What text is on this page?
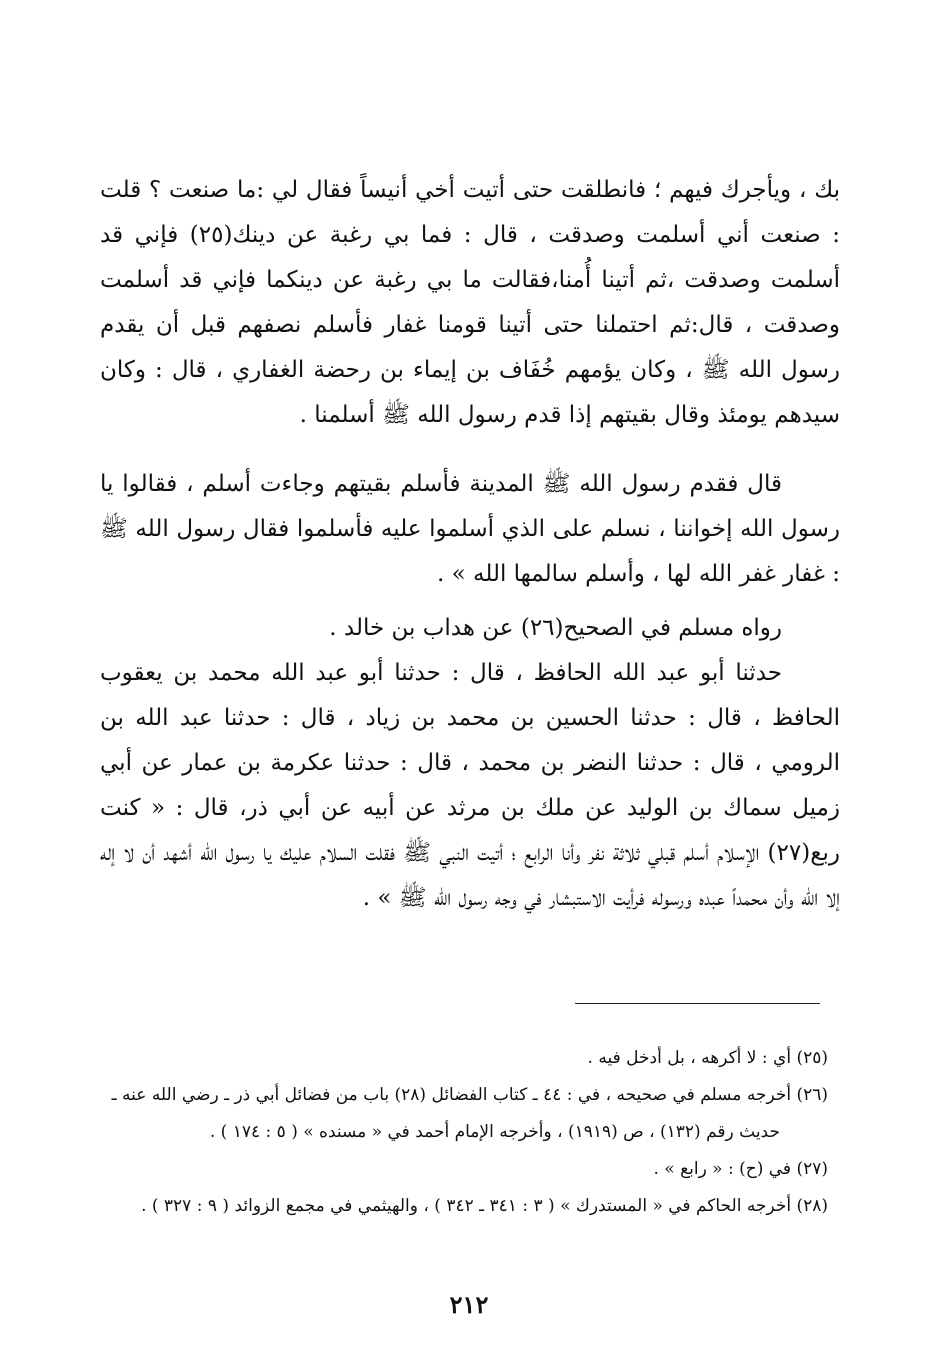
بك ، ويأجرك فيهم ؛ فانطلقت حتى أتيت أخي أنيساً فقال لي :ما صنعت ؟ قلت : صنعت أني أسلمت وصدقت ، قال : فما بي رغبة عن دينك(٢٥) فإني قد أسلمت وصدقت ،ثم أتينا أُمنا،فقالت ما بي رغبة عن دينكما فإني قد أسلمت وصدقت ، قال:ثم احتملنا حتى أتينا قومنا غفار فأسلم نصفهم قبل أن يقدم رسول الله ﷺ ، وكان يؤمهم خُفَاف بن إيماء بن رحضة الغفاري ، قال : وكان سيدهم يومئذ وقال بقيتهم إذا قدم رسول الله ﷺ أسلمنا .

قال فقدم رسول الله ﷺ المدينة فأسلم بقيتهم وجاءت أسلم ، فقالوا يا رسول الله إخواننا ، نسلم على الذي أسلموا عليه فأسلموا فقال رسول الله ﷺ : غفار غفر الله لها ، وأسلم سالمها الله » .

رواه مسلم في الصحيح(٢٦) عن هداب بن خالد .

حدثنا أبو عبد الله الحافظ ، قال : حدثنا أبو عبد الله محمد بن يعقوب الحافظ ، قال : حدثنا الحسين بن محمد بن زياد ، قال : حدثنا عبد الله بن الرومي ، قال : حدثنا النضر بن محمد ، قال : حدثنا عكرمة بن عمار عن أبي زميل سماك بن الوليد عن ملك بن مرثد عن أبيه عن أبي ذر، قال : « كنت ربع(٢٧) الإسلام أسلم قبلي ثلاثة نفر وأنا الرابع ؛ أتيت النبي ﷺ فقلت السلام عليك يا رسول الله أشهد أن لا إله إلا الله وأن محمداً عبده ورسوله فرأيت الاستبشار في وجه رسول الله ﷺ » .

(٢٥) أي : لا أكرهه ، بل أدخل فيه .

(٢٦) أخرجه مسلم في صحيحه ، في : ٤٤ ـ كتاب الفضائل (٢٨) باب من فضائل أبي ذر ـ رضي الله عنه ـ

حديث رقم (١٣٢) ، ص (١٩١٩) ، وأخرجه الإمام أحمد في « مسنده » ( ٥ : ١٧٤ ) .

(٢٧) في (ح) : « رابع » .

(٢٨) أخرجه الحاكم في « المستدرك » ( ٣ : ٣٤١ ـ ٣٤٢ ) ، والهيثمي في مجمع الزوائد ( ٩ : ٣٢٧ ) .

٢١٢
